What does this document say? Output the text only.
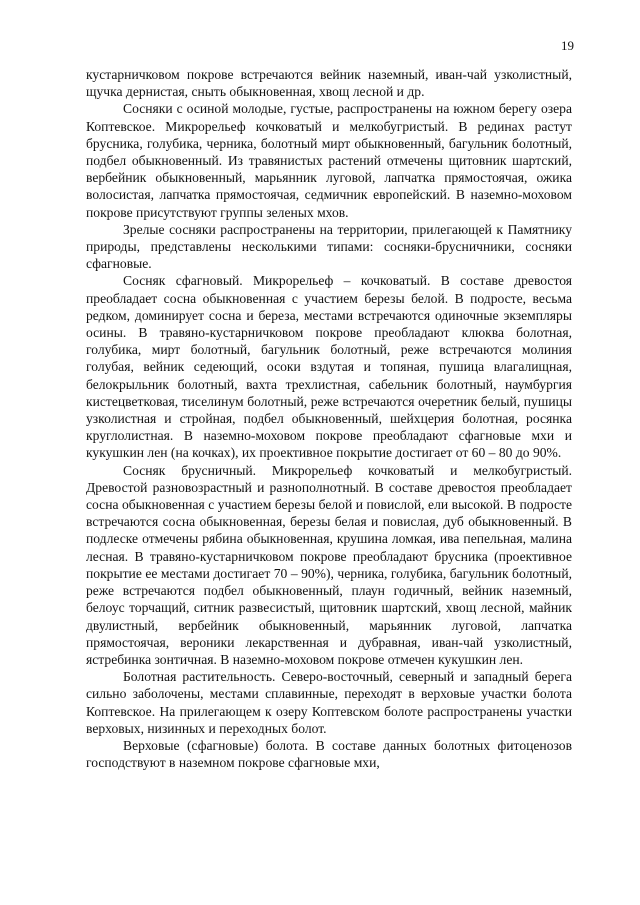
19

кустарничковом покрове встречаются вейник наземный, иван-чай узколистный, щучка дернистая, сныть обыкновенная, хвощ лесной и др.

Сосняки с осиной молодые, густые, распространены на южном берегу озера Коптевское. Микрорельеф кочковатый и мелкобугристый. В рединах растут брусника, голубика, черника, болотный мирт обыкновенный, багульник болотный, подбел обыкновенный. Из травянистых растений отмечены щитовник шартский, вербейник обыкновенный, марьянник луговой, лапчатка прямостоячая, ожика волосистая, лапчатка прямостоячая, седмичник европейский. В наземно-моховом покрове присутствуют группы зеленых мхов.

Зрелые сосняки распространены на территории, прилегающей к Памятнику природы, представлены несколькими типами: сосняки-брусничники, сосняки сфагновые.

Сосняк сфагновый. Микрорельеф – кочковатый. В составе древостоя преобладает сосна обыкновенная с участием березы белой. В подросте, весьма редком, доминирует сосна и береза, местами встречаются одиночные экземпляры осины. В травяно-кустарничковом покрове преобладают клюква болотная, голубика, мирт болотный, багульник болотный, реже встречаются молиния голубая, вейник седеющий, осоки вздутая и топяная, пушица влагалищная, белокрыльник болотный, вахта трехлистная, сабельник болотный, наумбургия кистецветковая, тиселинум болотный, реже встречаются очеретник белый, пушицы узколистная и стройная, подбел обыкновенный, шейхцерия болотная, росянка круглолистная. В наземно-моховом покрове преобладают сфагновые мхи и кукушкин лен (на кочках), их проективное покрытие достигает от 60 – 80 до 90%.

Сосняк брусничный. Микрорельеф кочковатый и мелкобугристый. Древостой разновозрастный и разнополнотный. В составе древостоя преобладает сосна обыкновенная с участием березы белой и повислой, ели высокой. В подросте встречаются сосна обыкновенная, березы белая и повислая, дуб обыкновенный. В подлеске отмечены рябина обыкновенная, крушина ломкая, ива пепельная, малина лесная. В травяно-кустарничковом покрове преобладают брусника (проективное покрытие ее местами достигает 70 – 90%), черника, голубика, багульник болотный, реже встречаются подбел обыкновенный, плаун годичный, вейник наземный, белоус торчащий, ситник развесистый, щитовник шартский, хвощ лесной, майник двулистный, вербейник обыкновенный, марьянник луговой, лапчатка прямостоячая, вероники лекарственная и дубравная, иван-чай узколистный, ястребинка зонтичная. В наземно-моховом покрове отмечен кукушкин лен.

Болотная растительность. Северо-восточный, северный и западный берега сильно заболочены, местами сплавинные, переходят в верховые участки болота Коптевское. На прилегающем к озеру Коптевском болоте распространены участки верховых, низинных и переходных болот.

Верховые (сфагновые) болота. В составе данных болотных фитоценозов господствуют в наземном покрове сфагновые мхи,
